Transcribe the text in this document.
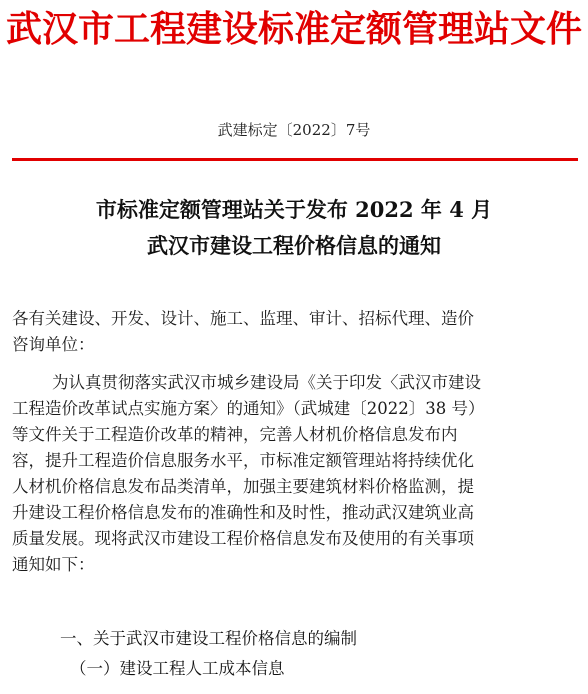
武汉市工程建设标准定额管理站文件
武建标定〔2022〕7号
市标准定额管理站关于发布 2022 年 4 月
武汉市建设工程价格信息的通知
各有关建设、开发、设计、施工、监理、审计、招标代理、造价
咨询单位：
为认真贯彻落实武汉市城乡建设局《关于印发〈武汉市建设
工程造价改革试点实施方案〉的通知》（武城建〔2022〕38 号）
等文件关于工程造价改革的精神，完善人材机价格信息发布内
容，提升工程造价信息服务水平，市标准定额管理站将持续优化
人材机价格信息发布品类清单，加强主要建筑材料价格监测，提
升建设工程价格信息发布的准确性和及时性，推动武汉建筑业高
质量发展。现将武汉市建设工程价格信息发布及使用的有关事项
通知如下：
一、关于武汉市建设工程价格信息的编制
（一）建设工程人工成本信息
